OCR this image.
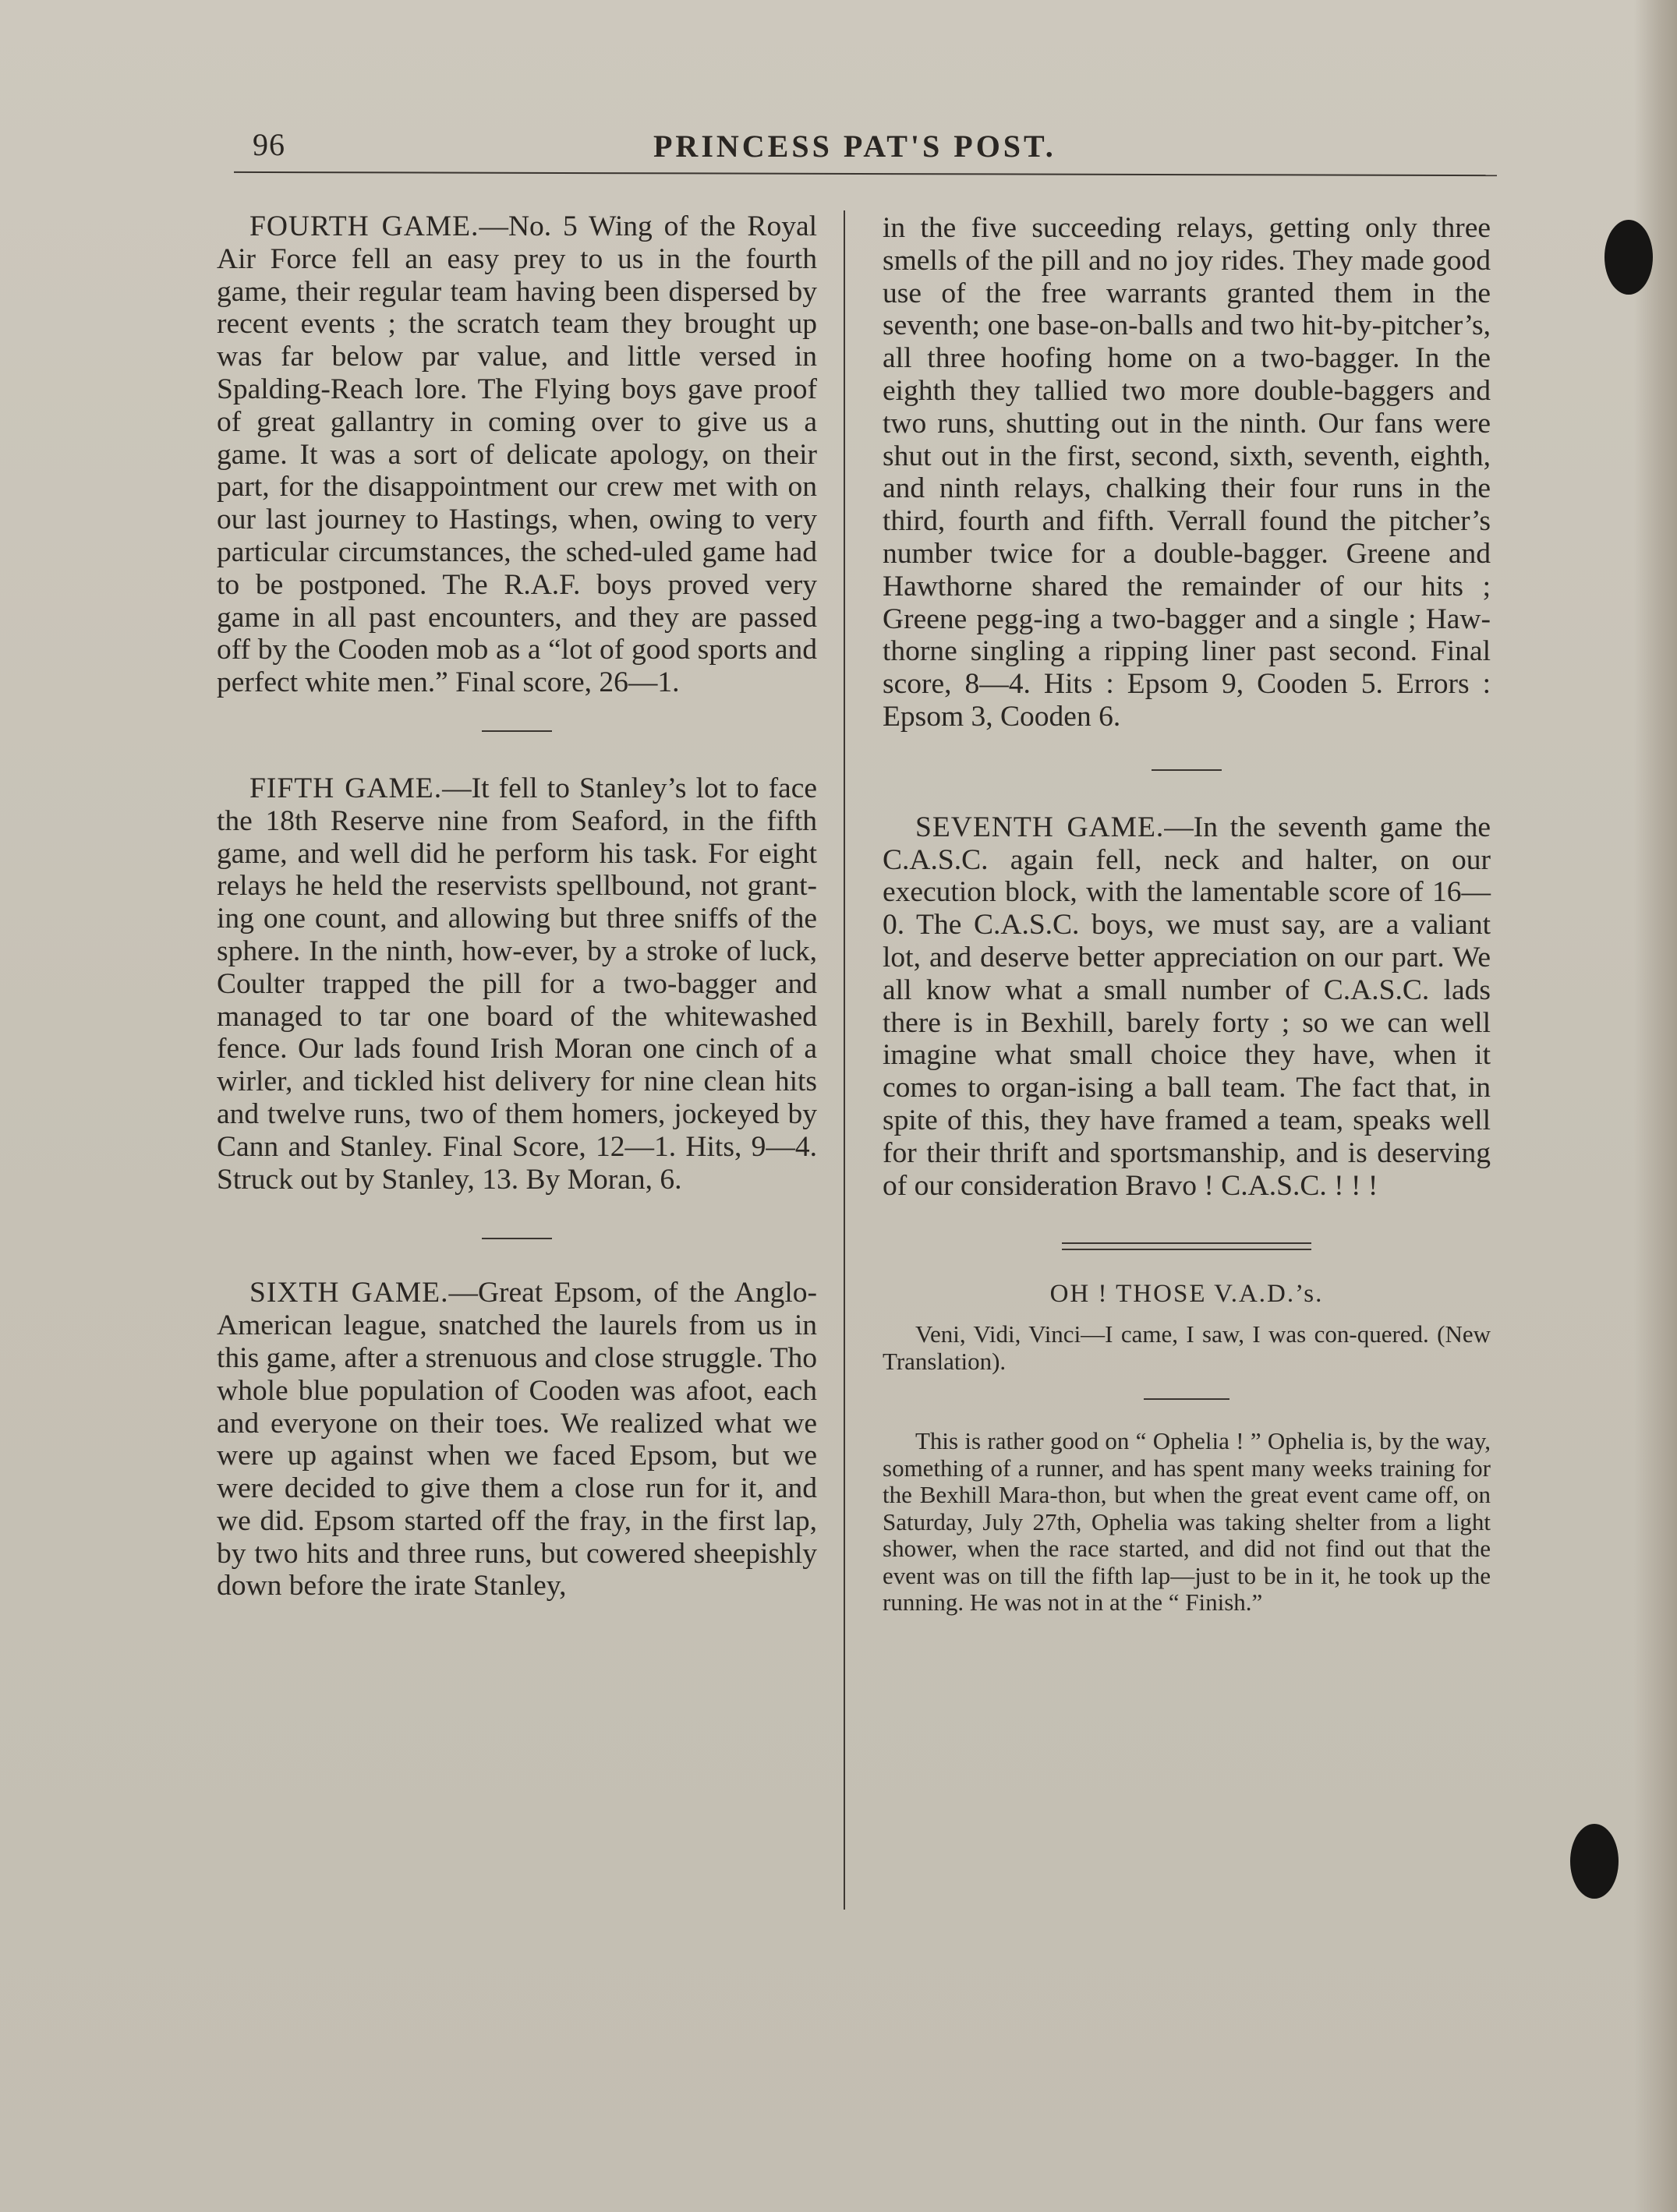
96	PRINCESS PAT'S POST.

FOURTH GAME.—No. 5 Wing of the Royal Air Force fell an easy prey to us in the fourth game, their regular team having been dispersed by recent events ; the scratch team they brought up was far below par value, and little versed in Spalding-Reach lore. The Flying boys gave proof of great gallantry in coming over to give us a game. It was a sort of delicate apology, on their part, for the disappointment our crew met with on our last journey to Hastings, when, owing to very particular circumstances, the sched-uled game had to be postponed. The R.A.F. boys proved very game in all past encounters, and they are passed off by the Cooden mob as a “lot of good sports and perfect white men.” Final score, 26—1.

FIFTH GAME.—It fell to Stanley’s lot to face the 18th Reserve nine from Seaford, in the fifth game, and well did he perform his task. For eight relays he held the reservists spellbound, not grant-ing one count, and allowing but three sniffs of the sphere. In the ninth, how-ever, by a stroke of luck, Coulter trapped the pill for a two-bagger and managed to tar one board of the whitewashed fence. Our lads found Irish Moran one cinch of a wirler, and tickled hist delivery for nine clean hits and twelve runs, two of them homers, jockeyed by Cann and Stanley. Final Score, 12—1. Hits, 9—4. Struck out by Stanley, 13. By Moran, 6.

SIXTH GAME.—Great Epsom, of the Anglo-American league, snatched the laurels from us in this game, after a strenuous and close struggle. Tho whole blue population of Cooden was afoot, each and everyone on their toes. We realized what we were up against when we faced Epsom, but we were decided to give them a close run for it, and we did. Epsom started off the fray, in the first lap, by two hits and three runs, but cowered sheepishly down before the irate Stanley,

in the five succeeding relays, getting only three smells of the pill and no joy rides. They made good use of the free warrants granted them in the seventh; one base-on-balls and two hit-by-pitcher’s, all three hoofing home on a two-bagger. In the eighth they tallied two more double-baggers and two runs, shutting out in the ninth. Our fans were shut out in the first, second, sixth, seventh, eighth, and ninth relays, chalking their four runs in the third, fourth and fifth. Verrall found the pitcher’s number twice for a double-bagger. Greene and Hawthorne shared the remainder of our hits ; Greene pegg-ing a two-bagger and a single ; Haw-thorne singling a ripping liner past second. Final score, 8—4. Hits : Epsom 9, Cooden 5. Errors : Epsom 3, Cooden 6.

SEVENTH GAME.—In the seventh game the C.A.S.C. again fell, neck and halter, on our execution block, with the lamentable score of 16—0. The C.A.S.C. boys, we must say, are a valiant lot, and deserve better appreciation on our part. We all know what a small number of C.A.S.C. lads there is in Bexhill, barely forty ; so we can well imagine what small choice they have, when it comes to organ-ising a ball team. The fact that, in spite of this, they have framed a team, speaks well for their thrift and sportsmanship, and is deserving of our consideration Bravo ! C.A.S.C. ! ! !

OH ! THOSE V.A.D.’s.

Veni, Vidi, Vinci—I came, I saw, I was con-quered. (New Translation).

This is rather good on “ Ophelia ! ” Ophelia is, by the way, something of a runner, and has spent many weeks training for the Bexhill Mara-thon, but when the great event came off, on Saturday, July 27th, Ophelia was taking shelter from a light shower, when the race started, and did not find out that the event was on till the fifth lap—just to be in it, he took up the running. He was not in at the “ Finish.”
